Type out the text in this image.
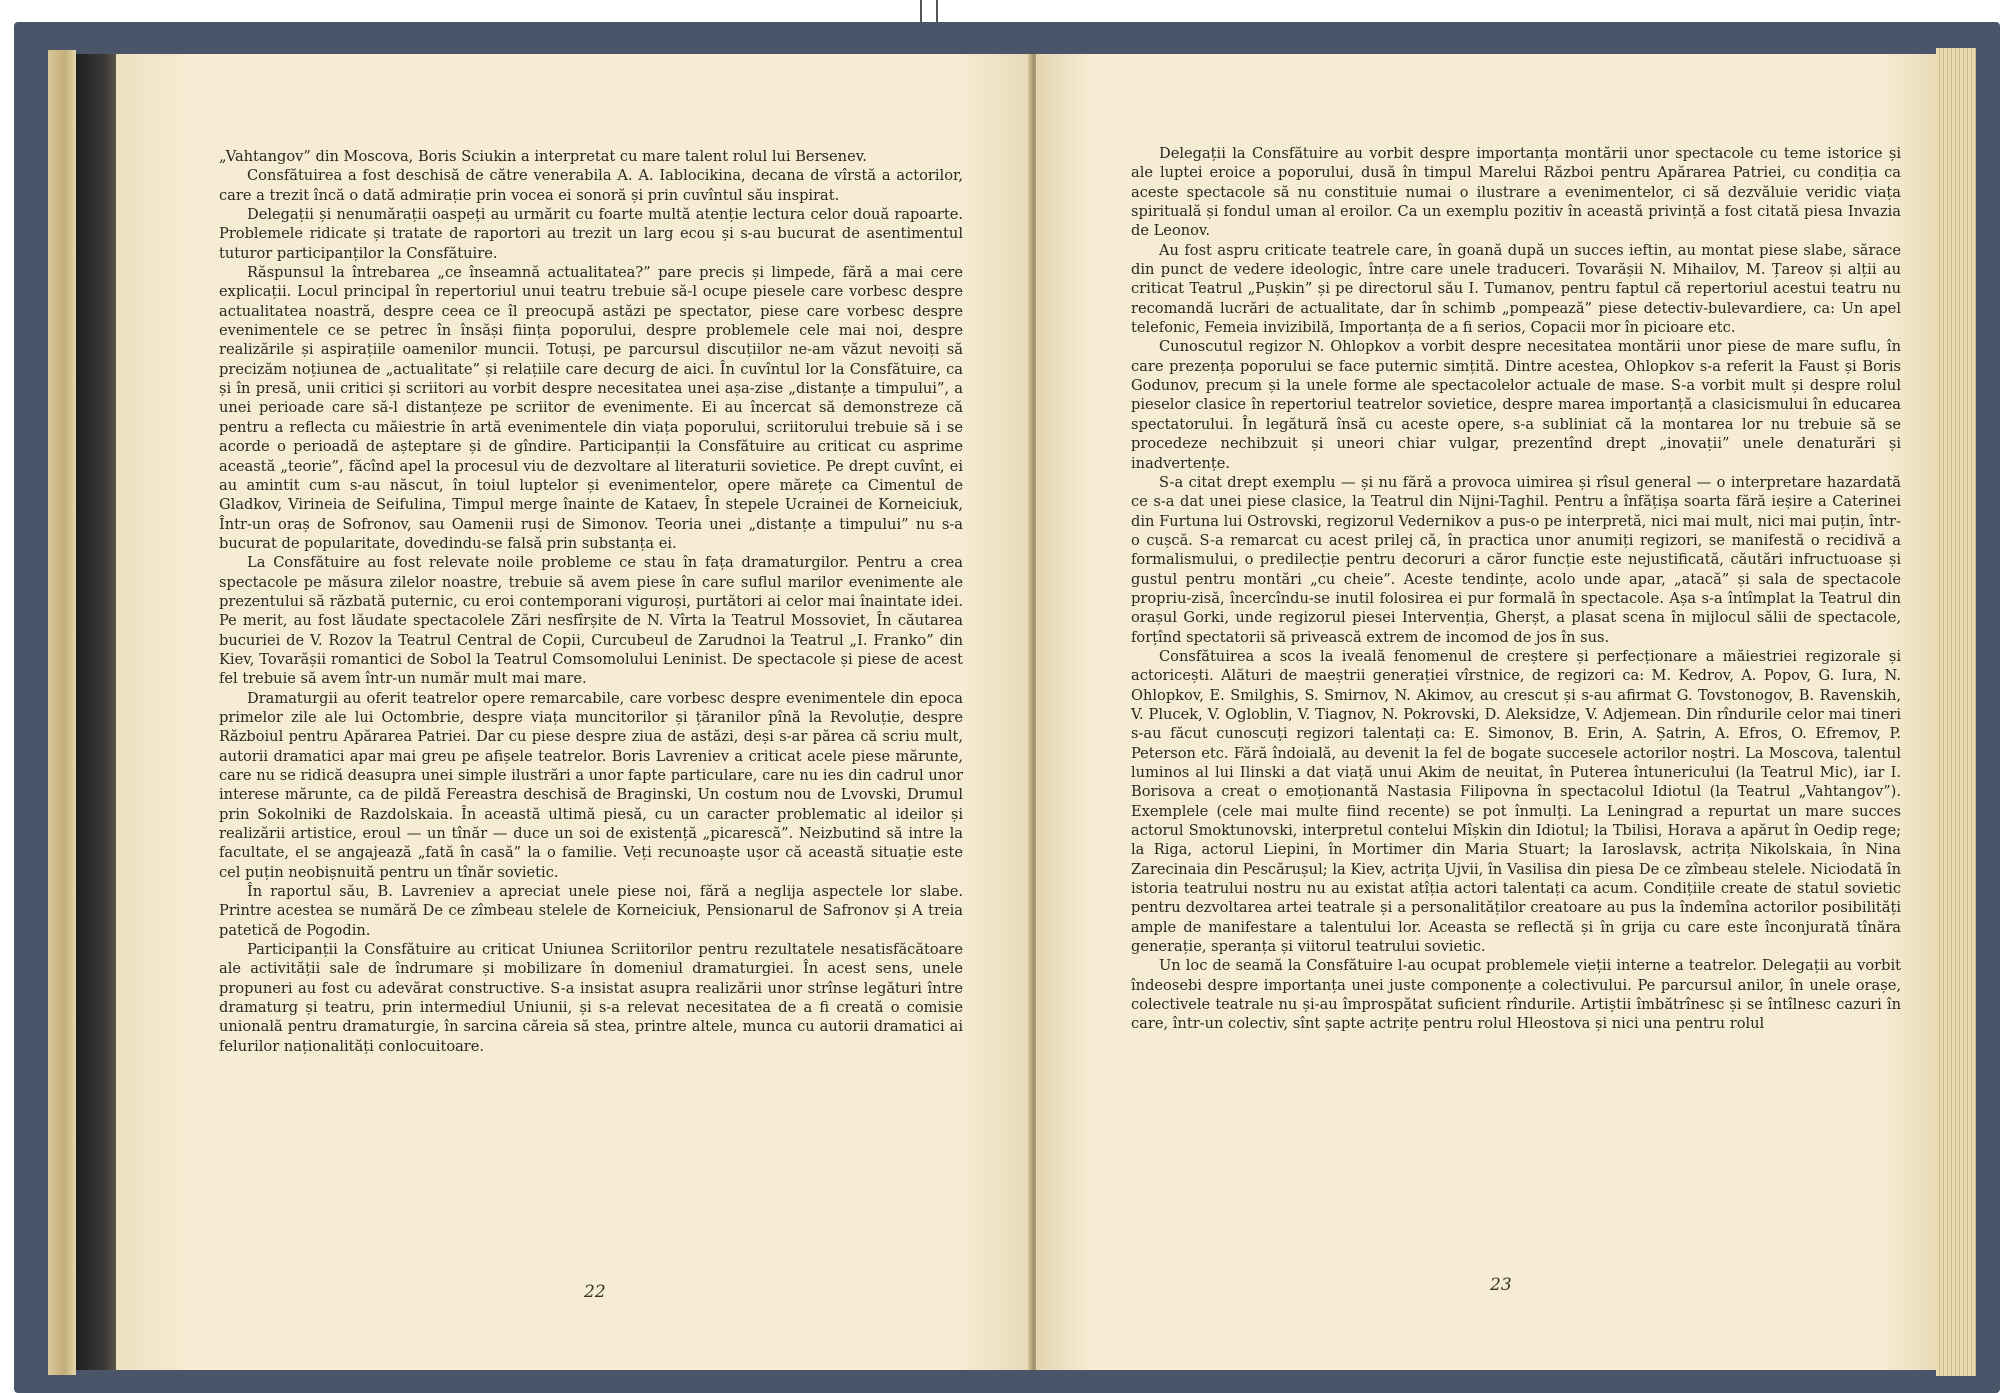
„Vahtangov” din Moscova, Boris Sciukin a interpretat cu mare talent rolul lui Bersenev.

Consfătuirea a fost deschisă de către venerabila A. A. Iablocikina, decana de vîrstă a actorilor, care a trezit încă o dată admirație prin vocea ei sonoră și prin cuvîntul său inspirat.

Delegații și nenumărații oaspeți au urmărit cu foarte multă atenție lectura celor două rapoarte. Problemele ridicate și tratate de raportori au trezit un larg ecou și s-au bucurat de asentimentul tuturor participanților la Consfătuire.

Răspunsul la întrebarea „ce înseamnă actualitatea?” pare precis și limpede, fără a mai cere explicații. Locul principal în repertoriul unui teatru trebuie să-l ocupe piesele care vorbesc despre actualitatea noastră, despre ceea ce îl preocupă astăzi pe spectator, piese care vorbesc despre evenimentele ce se petrec în însăși ființa poporului, despre problemele cele mai noi, despre realizările și aspirațiile oamenilor muncii. Totuși, pe parcursul discuțiilor ne-am văzut nevoiți să precizăm noțiunea de „actualitate” și relațiile care decurg de aici. În cuvîntul lor la Consfătuire, ca și în presă, unii critici și scriitori au vorbit despre necesitatea unei așa-zise „distanțe a timpului”, a unei perioade care să-l distanțeze pe scriitor de evenimente. Ei au încercat să demonstreze că pentru a reflecta cu măiestrie în artă evenimentele din viața poporului, scriitorului trebuie să i se acorde o perioadă de așteptare și de gîndire. Participanții la Consfătuire au criticat cu asprime această „teorie”, făcînd apel la procesul viu de dezvoltare al literaturii sovietice. Pe drept cuvînt, ei au amintit cum s-au născut, în toiul luptelor și evenimentelor, opere mărețe ca Cimentul de Gladkov, Virineia de Seifulina, Timpul merge înainte de Kataev, În stepele Ucrainei de Korneiciuk, Într-un oraș de Sofronov, sau Oamenii ruși de Simonov. Teoria unei „distanțe a timpului” nu s-a bucurat de popularitate, dovedindu-se falsă prin substanța ei.

La Consfătuire au fost relevate noile probleme ce stau în fața dramaturgilor. Pentru a crea spectacole pe măsura zilelor noastre, trebuie să avem piese în care suflul marilor evenimente ale prezentului să răzbată puternic, cu eroi contemporani viguroși, purtători ai celor mai înaintate idei. Pe merit, au fost lăudate spectacolele Zări nesfîrșite de N. Vîrta la Teatrul Mossoviet, În căutarea bucuriei de V. Rozov la Teatrul Central de Copii, Curcubeul de Zarudnoi la Teatrul „I. Franko” din Kiev, Tovarășii romantici de Sobol la Teatrul Comsomolului Leninist. De spectacole și piese de acest fel trebuie să avem într-un număr mult mai mare.

Dramaturgii au oferit teatrelor opere remarcabile, care vorbesc despre evenimentele din epoca primelor zile ale lui Octombrie, despre viața muncitorilor și țăranilor pînă la Revoluție, despre Războiul pentru Apărarea Patriei. Dar cu piese despre ziua de astăzi, deși s-ar părea că scriu mult, autorii dramatici apar mai greu pe afișele teatrelor. Boris Lavreniev a criticat acele piese mărunte, care nu se ridică deasupra unei simple ilustrări a unor fapte particulare, care nu ies din cadrul unor interese mărunte, ca de pildă Fereastra deschisă de Braginski, Un costum nou de Lvovski, Drumul prin Sokolniki de Razdolskaia. În această ultimă piesă, cu un caracter problematic al ideilor și realizării artistice, eroul — un tînăr — duce un soi de existență „picarescă”. Neizbutind să intre la facultate, el se angajează „fată în casă” la o familie. Veți recunoaște ușor că această situație este cel puțin neobișnuită pentru un tînăr sovietic.

În raportul său, B. Lavreniev a apreciat unele piese noi, fără a neglija aspectele lor slabe. Printre acestea se numără De ce zîmbeau stelele de Korneiciuk, Pensionarul de Safronov și A treia patetică de Pogodin.

Participanții la Consfătuire au criticat Uniunea Scriitorilor pentru rezultatele nesatisfăcătoare ale activității sale de îndrumare și mobilizare în domeniul dramaturgiei. În acest sens, unele propuneri au fost cu adevărat constructive. S-a insistat asupra realizării unor strînse legături între dramaturg și teatru, prin intermediul Uniunii, și s-a relevat necesitatea de a fi creată o comisie unională pentru dramaturgie, în sarcina căreia să stea, printre altele, munca cu autorii dramatici ai felurilor naționalități conlocuitoare.

22

Delegații la Consfătuire au vorbit despre importanța montării unor spectacole cu teme istorice și ale luptei eroice a poporului, dusă în timpul Marelui Război pentru Apărarea Patriei, cu condiția ca aceste spectacole să nu constituie numai o ilustrare a evenimentelor, ci să dezvăluie veridic viața spirituală și fondul uman al eroilor. Ca un exemplu pozitiv în această privință a fost citată piesa Invazia de Leonov.

Au fost aspru criticate teatrele care, în goană după un succes ieftin, au montat piese slabe, sărace din punct de vedere ideologic, între care unele traduceri. Tovarășii N. Mihailov, M. Țareov și alții au criticat Teatrul „Pușkin” și pe directorul său I. Tumanov, pentru faptul că repertoriul acestui teatru nu recomandă lucrări de actualitate, dar în schimb „pompează” piese detectiv-bulevardiere, ca: Un apel telefonic, Femeia invizibilă, Importanța de a fi serios, Copacii mor în picioare etc.

Cunoscutul regizor N. Ohlopkov a vorbit despre necesitatea montării unor piese de mare suflu, în care prezența poporului se face puternic simțită. Dintre acestea, Ohlopkov s-a referit la Faust și Boris Godunov, precum și la unele forme ale spectacolelor actuale de mase. S-a vorbit mult și despre rolul pieselor clasice în repertoriul teatrelor sovietice, despre marea importanță a clasicismului în educarea spectatorului. În legătură însă cu aceste opere, s-a subliniat că la montarea lor nu trebuie să se procedeze nechibzuit și uneori chiar vulgar, prezentînd drept „inovații” unele denaturări și inadvertențe.

S-a citat drept exemplu — și nu fără a provoca uimirea și rîsul general — o interpretare hazardată ce s-a dat unei piese clasice, la Teatrul din Nijni-Taghil. Pentru a înfățișa soarta fără ieșire a Caterinei din Furtuna lui Ostrovski, regizorul Vedernikov a pus-o pe interpretă, nici mai mult, nici mai puțin, într-o cușcă. S-a remarcat cu acest prilej că, în practica unor anumiți regizori, se manifestă o recidivă a formalismului, o predilecție pentru decoruri a căror funcție este nejustificată, căutări infructuoase și gustul pentru montări „cu cheie”. Aceste tendințe, acolo unde apar, „atacă” și sala de spectacole propriu-zisă, încercîndu-se inutil folosirea ei pur formală în spectacole. Așa s-a întîmplat la Teatrul din orașul Gorki, unde regizorul piesei Intervenția, Gherșt, a plasat scena în mijlocul sălii de spectacole, forțînd spectatorii să privească extrem de incomod de jos în sus.

Consfătuirea a scos la iveală fenomenul de creștere și perfecționare a măiestriei regizorale și actoricești. Alături de maeștrii generației vîrstnice, de regizori ca: M. Kedrov, A. Popov, G. Iura, N. Ohlopkov, E. Smilghis, S. Smirnov, N. Akimov, au crescut și s-au afirmat G. Tovstonogov, B. Ravenskih, V. Plucek, V. Ogloblin, V. Tiagnov, N. Pokrovski, D. Aleksidze, V. Adjemean. Din rîndurile celor mai tineri s-au făcut cunoscuți regizori talentați ca: E. Simonov, B. Erin, A. Șatrin, A. Efros, O. Efremov, P. Peterson etc. Fără îndoială, au devenit la fel de bogate succesele actorilor noștri. La Moscova, talentul luminos al lui Ilinski a dat viață unui Akim de neuitat, în Puterea întunericului (la Teatrul Mic), iar I. Borisova a creat o emoționantă Nastasia Filipovna în spectacolul Idiotul (la Teatrul „Vahtangov”). Exemplele (cele mai multe fiind recente) se pot înmulți. La Leningrad a repurtat un mare succes actorul Smoktunovski, interpretul contelui Mîșkin din Idiotul; la Tbilisi, Horava a apărut în Oedip rege; la Riga, actorul Liepini, în Mortimer din Maria Stuart; la Iaroslavsk, actrița Nikolskaia, în Nina Zarecinaia din Pescărușul; la Kiev, actrița Ujvii, în Vasilisa din piesa De ce zîmbeau stelele. Niciodată în istoria teatrului nostru nu au existat atîția actori talentați ca acum. Condițiile create de statul sovietic pentru dezvoltarea artei teatrale și a personalităților creatoare au pus la îndemîna actorilor posibilități ample de manifestare a talentului lor. Aceasta se reflectă și în grija cu care este înconjurată tînăra generație, speranța și viitorul teatrului sovietic.

Un loc de seamă la Consfătuire l-au ocupat problemele vieții interne a teatrelor. Delegații au vorbit îndeosebi despre importanța unei juste componențe a colectivului. Pe parcursul anilor, în unele orașe, colectivele teatrale nu și-au împrospătat suficient rîndurile. Artiștii îmbătrînesc și se întîlnesc cazuri în care, într-un colectiv, sînt șapte actrițe pentru rolul Hleostova și nici una pentru rolul

23
